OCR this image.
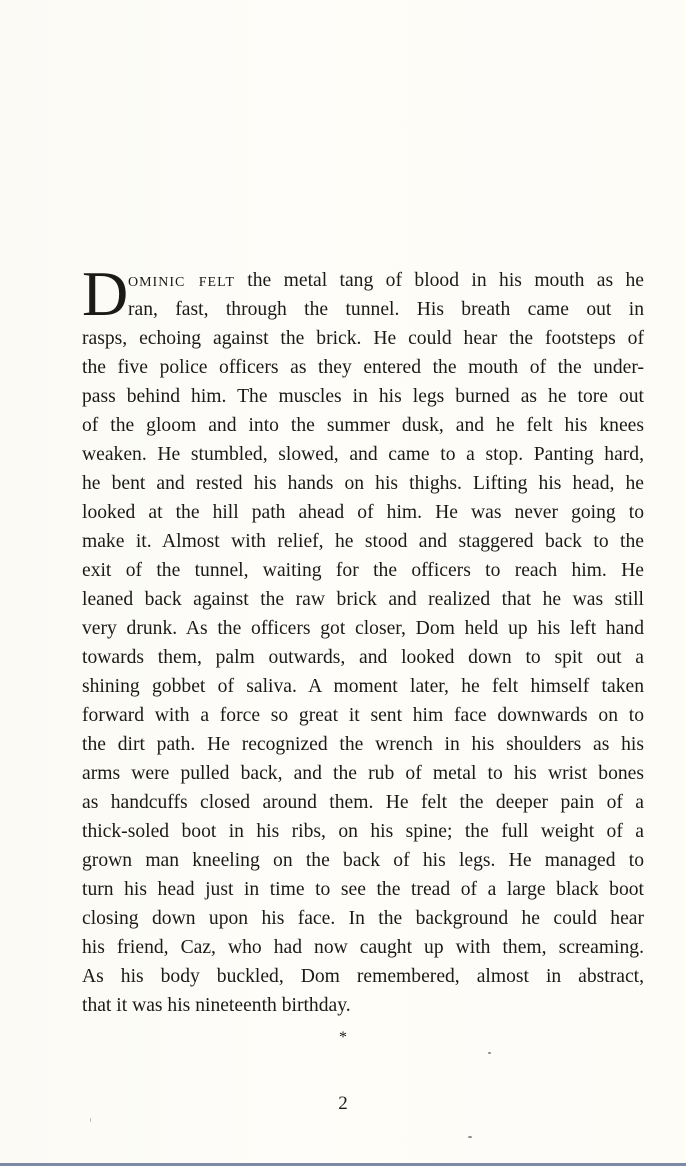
D ominic felt the metal tang of blood in his mouth as he
ran, fast, through the tunnel. His breath came out in
rasps, echoing against the brick. He could hear the footsteps of
the five police officers as they entered the mouth of the under-
pass behind him. The muscles in his legs burned as he tore out
of the gloom and into the summer dusk, and he felt his knees
weaken. He stumbled, slowed, and came to a stop. Panting hard,
he bent and rested his hands on his thighs. Lifting his head, he
looked at the hill path ahead of him. He was never going to
make it. Almost with relief, he stood and staggered back to the
exit of the tunnel, waiting for the officers to reach him. He
leaned back against the raw brick and realized that he was still
very drunk. As the officers got closer, Dom held up his left hand
towards them, palm outwards, and looked down to spit out a
shining gobbet of saliva. A moment later, he felt himself taken
forward with a force so great it sent him face downwards on to
the dirt path. He recognized the wrench in his shoulders as his
arms were pulled back, and the rub of metal to his wrist bones
as handcuffs closed around them. He felt the deeper pain of a
thick-soled boot in his ribs, on his spine; the full weight of a
grown man kneeling on the back of his legs. He managed to
turn his head just in time to see the tread of a large black boot
closing down upon his face. In the background he could hear
his friend, Caz, who had now caught up with them, screaming.
As his body buckled, Dom remembered, almost in abstract,
that it was his nineteenth birthday.
*
2
